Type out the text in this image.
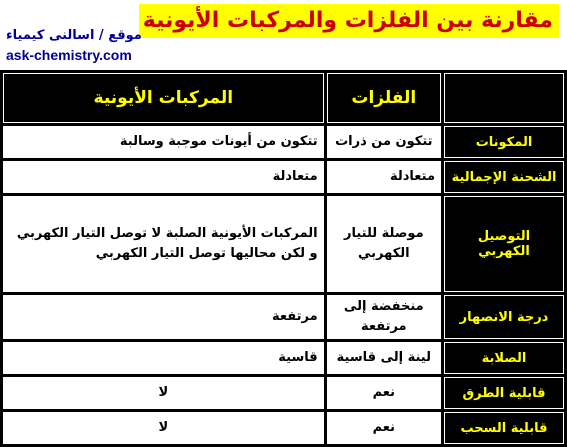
مقارنة بين الفلزات والمركبات الأيونية
موقع / اسالنى كيمياء
ask-chemistry.com
	الفلزات	المركبات الأيونية
المكونات	تتكون من ذرات	تتكون من أيونات موجبة وسالبة
الشحنة الإجمالية	متعادلة	متعادلة
التوصيل الكهربي	موصلة للتيار الكهربي	المركبات الأيونية الصلبة لا توصل التيار الكهربي و لكن محاليها توصل التيار الكهربي
درجة الانصهار	منخفضة إلى مرتفعة	مرتفعة
الصلابة	لينة إلى قاسية	قاسية
قابلية الطرق	نعم	لا
قابلية السحب	نعم	لا
